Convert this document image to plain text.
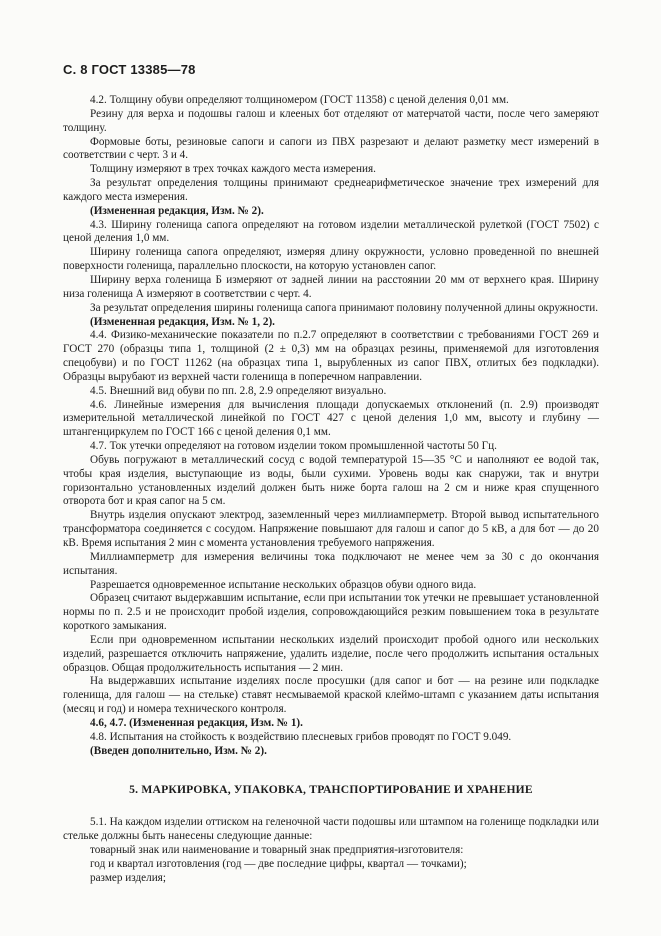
С. 8 ГОСТ 13385—78

4.2. Толщину обуви определяют толщиномером (ГОСТ 11358) с ценой деления 0,01 мм.

Резину для верха и подошвы галош и клееных бот отделяют от матерчатой части, после чего замеряют толщину.

Формовые боты, резиновые сапоги и сапоги из ПВХ разрезают и делают разметку мест измерений в соответствии с черт. 3 и 4.

Толщину измеряют в трех точках каждого места измерения.

За результат определения толщины принимают среднеарифметическое значение трех измерений для каждого места измерения.

(Измененная редакция, Изм. № 2).

4.3. Ширину голенища сапога определяют на готовом изделии металлической рулеткой (ГОСТ 7502) с ценой деления 1,0 мм.

Ширину голенища сапога определяют, измеряя длину окружности, условно проведенной по внешней поверхности голенища, параллельно плоскости, на которую установлен сапог.

Ширину верха голенища Б измеряют от задней линии на расстоянии 20 мм от верхнего края. Ширину низа голенища А измеряют в соответствии с черт. 4.

За результат определения ширины голенища сапога принимают половину полученной длины окружности.

(Измененная редакция, Изм. № 1, 2).

4.4. Физико-механические показатели по п.2.7 определяют в соответствии с требованиями ГОСТ 269 и ГОСТ 270 (образцы типа 1, толщиной (2 ± 0,3) мм на образцах резины, применяемой для изготовления спецобуви) и по ГОСТ 11262 (на образцах типа 1, вырубленных из сапог ПВХ, отлитых без подкладки). Образцы вырубают из верхней части голенища в поперечном направлении.

4.5. Внешний вид обуви по пп. 2.8, 2.9 определяют визуально.

4.6. Линейные измерения для вычисления площади допускаемых отклонений (п. 2.9) производят измерительной металлической линейкой по ГОСТ 427 с ценой деления 1,0 мм, высоту и глубину — штангенциркулем по ГОСТ 166 с ценой деления 0,1 мм.

4.7. Ток утечки определяют на готовом изделии током промышленной частоты 50 Гц.

Обувь погружают в металлический сосуд с водой температурой 15—35 °С и наполняют ее водой так, чтобы края изделия, выступающие из воды, были сухими. Уровень воды как снаружи, так и внутри горизонтально установленных изделий должен быть ниже борта галош на 2 см и ниже края спущенного отворота бот и края сапог на 5 см.

Внутрь изделия опускают электрод, заземленный через миллиамперметр. Второй вывод испытательного трансформатора соединяется с сосудом. Напряжение повышают для галош и сапог до 5 кВ, а для бот — до 20 кВ. Время испытания 2 мин с момента установления требуемого напряжения.

Миллиамперметр для измерения величины тока подключают не менее чем за 30 с до окончания испытания.

Разрешается одновременное испытание нескольких образцов обуви одного вида.

Образец считают выдержавшим испытание, если при испытании ток утечки не превышает установленной нормы по п. 2.5 и не происходит пробой изделия, сопровождающийся резким повышением тока в результате короткого замыкания.

Если при одновременном испытании нескольких изделий происходит пробой одного или нескольких изделий, разрешается отключить напряжение, удалить изделие, после чего продолжить испытания остальных образцов. Общая продолжительность испытания — 2 мин.

На выдержавших испытание изделиях после просушки (для сапог и бот — на резине или подкладке голенища, для галош — на стельке) ставят несмываемой краской клеймо-штамп с указанием даты испытания (месяц и год) и номера технического контроля.

4.6, 4.7. (Измененная редакция, Изм. № 1).

4.8. Испытания на стойкость к воздействию плесневых грибов проводят по ГОСТ 9.049.

(Введен дополнительно, Изм. № 2).

5. МАРКИРОВКА, УПАКОВКА, ТРАНСПОРТИРОВАНИЕ И ХРАНЕНИЕ

5.1. На каждом изделии оттиском на геленочной части подошвы или штампом на голенище подкладки или стельке должны быть нанесены следующие данные:

товарный знак или наименование и товарный знак предприятия-изготовителя:

год и квартал изготовления (год — две последние цифры, квартал — точками);

размер изделия;
